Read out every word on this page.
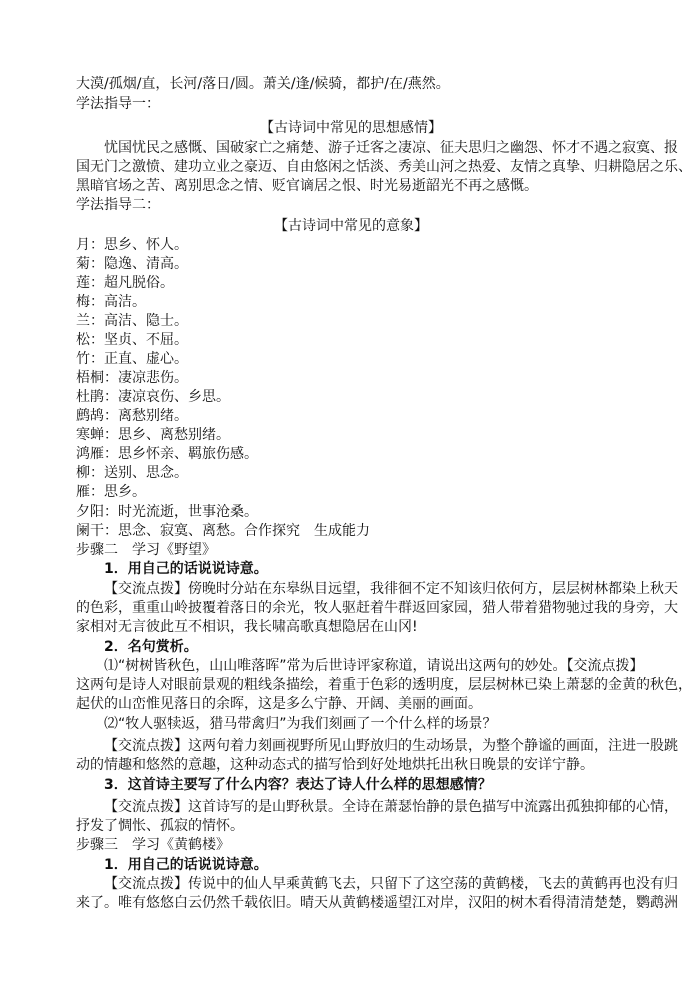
大漠/孤烟/直，长河/落日/圆。萧关/逢/候骑，都护/在/燕然。
学法指导一：
【古诗词中常见的思想感情】
忧国忧民之感慨、国破家亡之痛楚、游子迁客之凄凉、征夫思归之幽怨、怀才不遇之寂寞、报
国无门之激愤、建功立业之豪迈、自由悠闲之恬淡、秀美山河之热爱、友情之真挚、归耕隐居之乐、
黑暗官场之苦、离别思念之情、贬官谪居之恨、时光易逝韶光不再之感慨。
学法指导二：
【古诗词中常见的意象】
月：思乡、怀人。
菊：隐逸、清高。
莲：超凡脱俗。
梅：高洁。
兰：高洁、隐士。
松：坚贞、不屈。
竹：正直、虚心。
梧桐：凄凉悲伤。
杜鹃：凄凉哀伤、乡思。
鹧鸪：离愁别绪。
寒蝉：思乡、离愁别绪。
鸿雁：思乡怀亲、羁旅伤感。
柳：送别、思念。
雁：思乡。
夕阳：时光流逝，世事沧桑。
阑干：思念、寂寞、离愁。合作探究　生成能力
步骤二　学习《野望》
1．用自己的话说说诗意。
【交流点拨】傍晚时分站在东皋纵目远望，我徘徊不定不知该归依何方，层层树林都染上秋天
的色彩，重重山岭披覆着落日的余光，牧人驱赶着牛群返回家园，猎人带着猎物驰过我的身旁，大
家相对无言彼此互不相识，我长啸高歌真想隐居在山冈!
2．名句赏析。
⑴“树树皆秋色，山山唯落晖”常为后世诗评家称道，请说出这两句的妙处。【交流点拨】
这两句是诗人对眼前景观的粗线条描绘，着重于色彩的透明度，层层树林已染上萧瑟的金黄的秋色，
起伏的山峦惟见落日的余晖，这是多么宁静、开阔、美丽的画面。
⑵“牧人驱犊返，猎马带禽归”为我们刻画了一个什么样的场景？
【交流点拨】这两句着力刻画视野所见山野放归的生动场景，为整个静谧的画面，注进一股跳
动的情趣和悠然的意趣，这种动态式的描写恰到好处地烘托出秋日晚景的安详宁静。
3．这首诗主要写了什么内容？表达了诗人什么样的思想感情？
【交流点拨】这首诗写的是山野秋景。全诗在萧瑟怡静的景色描写中流露出孤独抑郁的心情，
抒发了惆怅、孤寂的情怀。
步骤三　学习《黄鹤楼》
1．用自己的话说说诗意。
【交流点拨】传说中的仙人早乘黄鹤飞去，只留下了这空荡的黄鹤楼，飞去的黄鹤再也没有归
来了。唯有悠悠白云仍然千载依旧。晴天从黄鹤楼遥望江对岸，汉阳的树木看得清清楚楚，鹦鹉洲
